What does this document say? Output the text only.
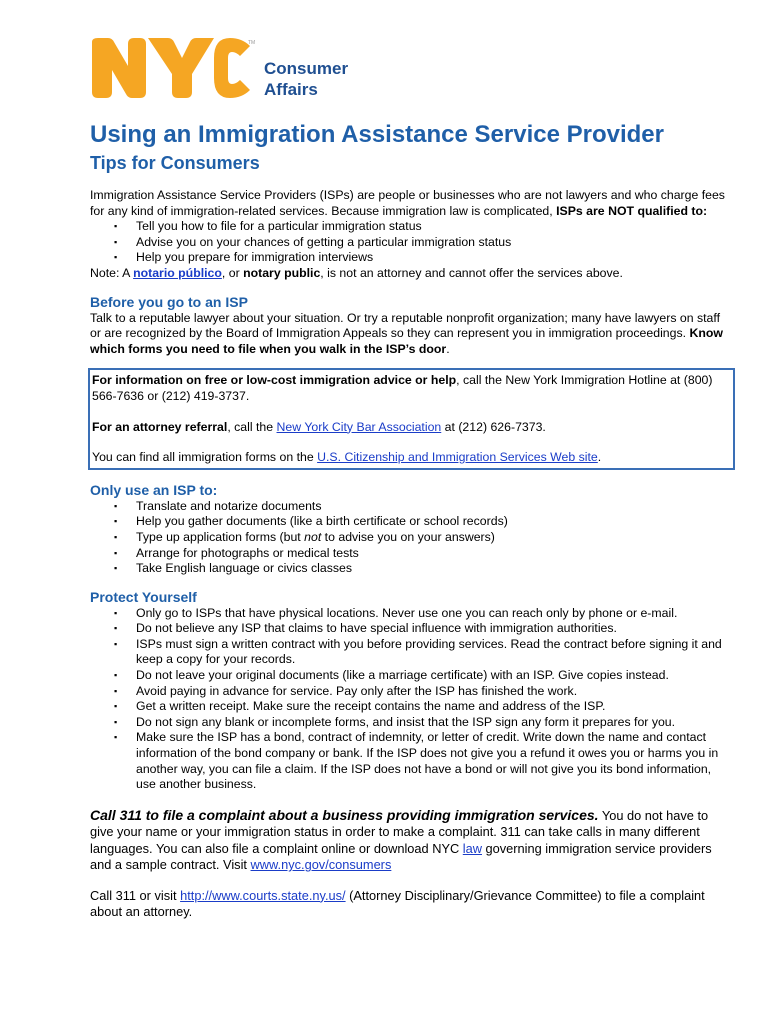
TM
Consumer
Affairs
Using an Immigration Assistance Service Provider
Tips for Consumers

Immigration Assistance Service Providers (ISPs) are people or businesses who are not lawyers and who charge fees for any kind of immigration-related services. Because immigration law is complicated, ISPs are NOT qualified to:

▪ Tell you how to file for a particular immigration status
▪ Advise you on your chances of getting a particular immigration status
▪ Help you prepare for immigration interviews

Note: A notario público, or notary public, is not an attorney and cannot offer the services above.

Before you go to an ISP

Talk to a reputable lawyer about your situation. Or try a reputable nonprofit organization; many have lawyers on staff or are recognized by the Board of Immigration Appeals so they can represent you in immigration proceedings. Know which forms you need to file when you walk in the ISP’s door.

For information on free or low-cost immigration advice or help, call the New York Immigration Hotline at (800) 566-7636 or (212) 419-3737.

For an attorney referral, call the New York City Bar Association at (212) 626-7373.

You can find all immigration forms on the U.S. Citizenship and Immigration Services Web site.

Only use an ISP to:
▪ Translate and notarize documents
▪ Help you gather documents (like a birth certificate or school records)
▪ Type up application forms (but not to advise you on your answers)
▪ Arrange for photographs or medical tests
▪ Take English language or civics classes
Protect Yourself
▪ Only go to ISPs that have physical locations. Never use one you can reach only by phone or e-mail.
▪ Do not believe any ISP that claims to have special influence with immigration authorities.
▪ ISPs must sign a written contract with you before providing services. Read the contract before signing it and keep a copy for your records.
▪ Do not leave your original documents (like a marriage certificate) with an ISP. Give copies instead.
▪ Avoid paying in advance for service. Pay only after the ISP has finished the work.
▪ Get a written receipt. Make sure the receipt contains the name and address of the ISP.
▪ Do not sign any blank or incomplete forms, and insist that the ISP sign any form it prepares for you.
▪ Make sure the ISP has a bond, contract of indemnity, or letter of credit. Write down the name and contact information of the bond company or bank. If the ISP does not give you a refund it owes you or harms you in another way, you can file a claim. If the ISP does not have a bond or will not give you its bond information, use another business.

Call 311 to file a complaint about a business providing immigration services. You do not have to give your name or your immigration status in order to make a complaint. 311 can take calls in many different languages. You can also file a complaint online or download NYC law governing immigration service providers and a sample contract. Visit www.nyc.gov/consumers

Call 311 or visit http://www.courts.state.ny.us/ (Attorney Disciplinary/Grievance Committee) to file a complaint about an attorney.
